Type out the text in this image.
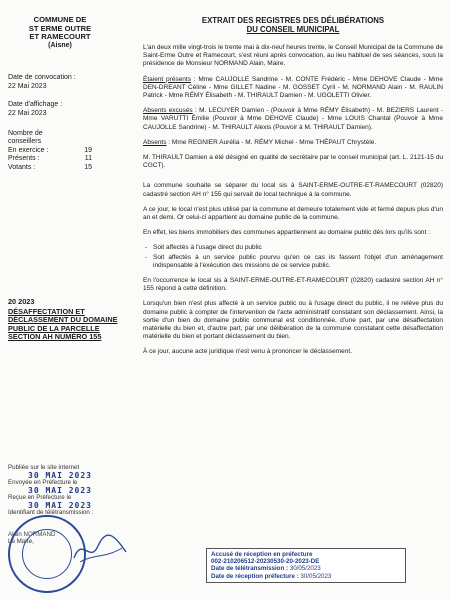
COMMUNE DE
ST ERME OUTRE
ET RAMECOURT
(Aisne)
Date de convocation :
22 Mai 2023
Date d'affichage :
22 Mai 2023
Nombre de
conseillers
En exercice :	19
Présents :	11
Votants :	15
20 2023
DÉSAFFECTATION ET DÉCLASSEMENT DU DOMAINE PUBLIC DE LA PARCELLE SECTION AH NUMÉRO 155
Publiée sur le site internet
30 MAI 2023
Envoyée en Préfecture le
30 MAI 2023
Reçue en Préfecture le
30 MAI 2023
Identifiant de télétransmission :
Alain NORMAND
Le Maire,
EXTRAIT DES REGISTRES DES DÉLIBÉRATIONS
DU CONSEIL MUNICIPAL

L'an deux mille vingt-trois le trente mai à dix-neuf heures trente, le Conseil Municipal de la Commune de Saint-Erme Outre et Ramecourt, s'est réuni après convocation, au lieu habituel de ses séances, sous la présidence de Monsieur NORMAND Alain, Maire.

Étaient présents : Mme CAUJOLLE Sandrine - M. CONTE Frédéric - Mme DEHOVE Claude - Mme DEN-DREANT Céline - Mme GILLET Nadine - M. GOSSET Cyril - M. NORMAND Alain - M. RAULIN Patrick - Mme RÉMY Élisabeth - M. THIRAULT Damien - M. UGOLETTI Olivier.

Absents excusés : M. LECUYER Damien - (Pouvoir à Mme RÉMY Élisabeth) - M. BEZIERS Laurent - Mme VARUTTI Émilie (Pouvoir à Mme DEHOVE Claude) - Mme LOUIS Chantal (Pouvoir à Mme CAUJOLLE Sandrine) - M. THIRAULT Alexis (Pouvoir à M. THIRAULT Damien).

Absents : Mme REGNIER Aurélia - M. RÉMY Michel - Mme THÉPAUT Chrystèle.

M. THIRAULT Damien a été désigné en qualité de secrétaire par le conseil municipal (art. L. 2121-15 du CGCT).

La commune souhaite se séparer du local sis à SAINT-ERME-OUTRE-ET-RAMECOURT (02820) cadastré section AH n° 155 qui servait de local technique à la commune.

A ce jour, le local n'est plus utilisé par la commune et demeure totalement vide et fermé depuis plus d'un an et demi. Or celui-ci appartient au domaine public de la commune.

En effet, les biens immobiliers des communes appartiennent au domaine public dès lors qu'ils sont :

- Soit affectés à l'usage direct du public
- Soit affectés à un service public pourvu qu'en ce cas ils fassent l'objet d'un aménagement indispensable à l'exécution des missions de ce service public.

En l'occurrence le local sis à SAINT-ERME-OUTRE-ET-RAMECOURT (02820) cadastré section AH n° 155 répond à cette définition.

Lorsqu'un bien n'est plus affecté à un service public ou à l'usage direct du public, il ne relève plus du domaine public à compter de l'intervention de l'acte administratif constatant son déclassement. Ainsi, la sortie d'un bien du domaine public communal est conditionnée, d'une part, par une désaffectation matérielle du bien et, d'autre part, par une délibération de la commune constatant cette désaffectation matérielle du bien et portant déclassement du bien.

À ce jour, aucune acte juridique n'est venu à prononcer le déclassement.

Accusé de réception en préfecture
002-210206512-20230530-20-2023-DE
Date de télétransmission : 30/05/2023
Date de réception préfecture : 30/05/2023
